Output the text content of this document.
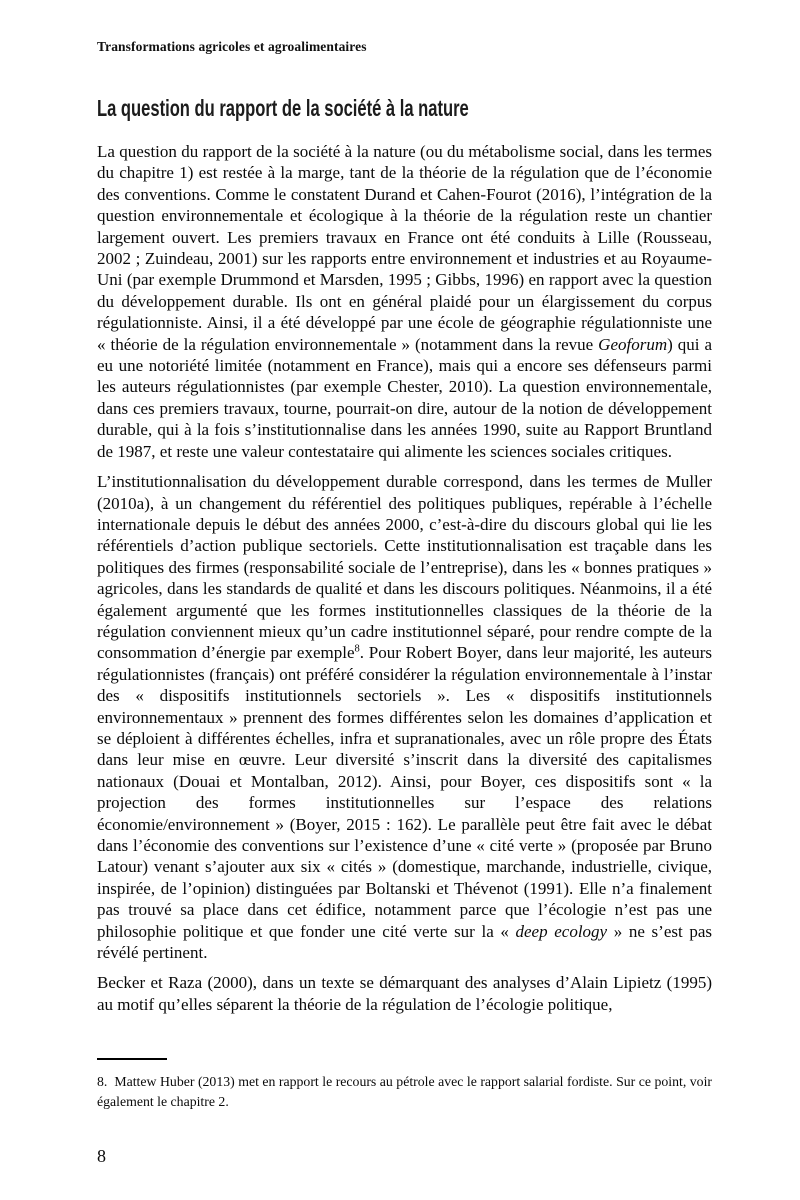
Transformations agricoles et agroalimentaires
La question du rapport de la société à la nature

La question du rapport de la société à la nature (ou du métabolisme social, dans les termes du chapitre 1) est restée à la marge, tant de la théorie de la régulation que de l’économie des conventions. Comme le constatent Durand et Cahen-Fourot (2016), l’intégration de la question environnementale et écologique à la théorie de la régulation reste un chantier largement ouvert. Les premiers travaux en France ont été conduits à Lille (Rousseau, 2002 ; Zuindeau, 2001) sur les rapports entre environnement et industries et au Royaume-Uni (par exemple Drummond et Marsden, 1995 ; Gibbs, 1996) en rapport avec la question du développement durable. Ils ont en général plaidé pour un élargissement du corpus régulationniste. Ainsi, il a été développé par une école de géographie régulationniste une « théorie de la régulation environnementale » (notamment dans la revue Geoforum) qui a eu une notoriété limitée (notamment en France), mais qui a encore ses défenseurs parmi les auteurs régulationnistes (par exemple Chester, 2010). La question environnementale, dans ces premiers travaux, tourne, pourrait-on dire, autour de la notion de développement durable, qui à la fois s’institutionnalise dans les années 1990, suite au Rapport Bruntland de 1987, et reste une valeur contestataire qui alimente les sciences sociales critiques.

L’institutionnalisation du développement durable correspond, dans les termes de Muller (2010a), à un changement du référentiel des politiques publiques, repérable à l’échelle internationale depuis le début des années 2000, c’est-à-dire du discours global qui lie les référentiels d’action publique sectoriels. Cette institutionnalisation est traçable dans les politiques des firmes (responsabilité sociale de l’entreprise), dans les « bonnes pratiques » agricoles, dans les standards de qualité et dans les discours politiques. Néanmoins, il a été également argumenté que les formes institutionnelles classiques de la théorie de la régulation conviennent mieux qu’un cadre institutionnel séparé, pour rendre compte de la consommation d’énergie par exemple$^8$. Pour Robert Boyer, dans leur majorité, les auteurs régulationnistes (français) ont préféré considérer la régulation environnementale à l’instar des « dispositifs institutionnels sectoriels ». Les « dispositifs institutionnels environnementaux » prennent des formes différentes selon les domaines d’application et se déploient à différentes échelles, infra et supranationales, avec un rôle propre des États dans leur mise en œuvre. Leur diversité s’inscrit dans la diversité des capitalismes nationaux (Douai et Montalban, 2012). Ainsi, pour Boyer, ces dispositifs sont « la projection des formes institutionnelles sur l’espace des relations économie/environnement » (Boyer, 2015 : 162). Le parallèle peut être fait avec le débat dans l’économie des conventions sur l’existence d’une « cité verte » (proposée par Bruno Latour) venant s’ajouter aux six « cités » (domestique, marchande, industrielle, civique, inspirée, de l’opinion) distinguées par Boltanski et Thévenot (1991). Elle n’a finalement pas trouvé sa place dans cet édifice, notamment parce que l’écologie n’est pas une philosophie politique et que fonder une cité verte sur la « deep ecology » ne s’est pas révélé pertinent.

Becker et Raza (2000), dans un texte se démarquant des analyses d’Alain Lipietz (1995) au motif qu’elles séparent la théorie de la régulation de l’écologie politique,

8.  Mattew Huber (2013) met en rapport le recours au pétrole avec le rapport salarial fordiste. Sur ce point, voir également le chapitre 2.

8
